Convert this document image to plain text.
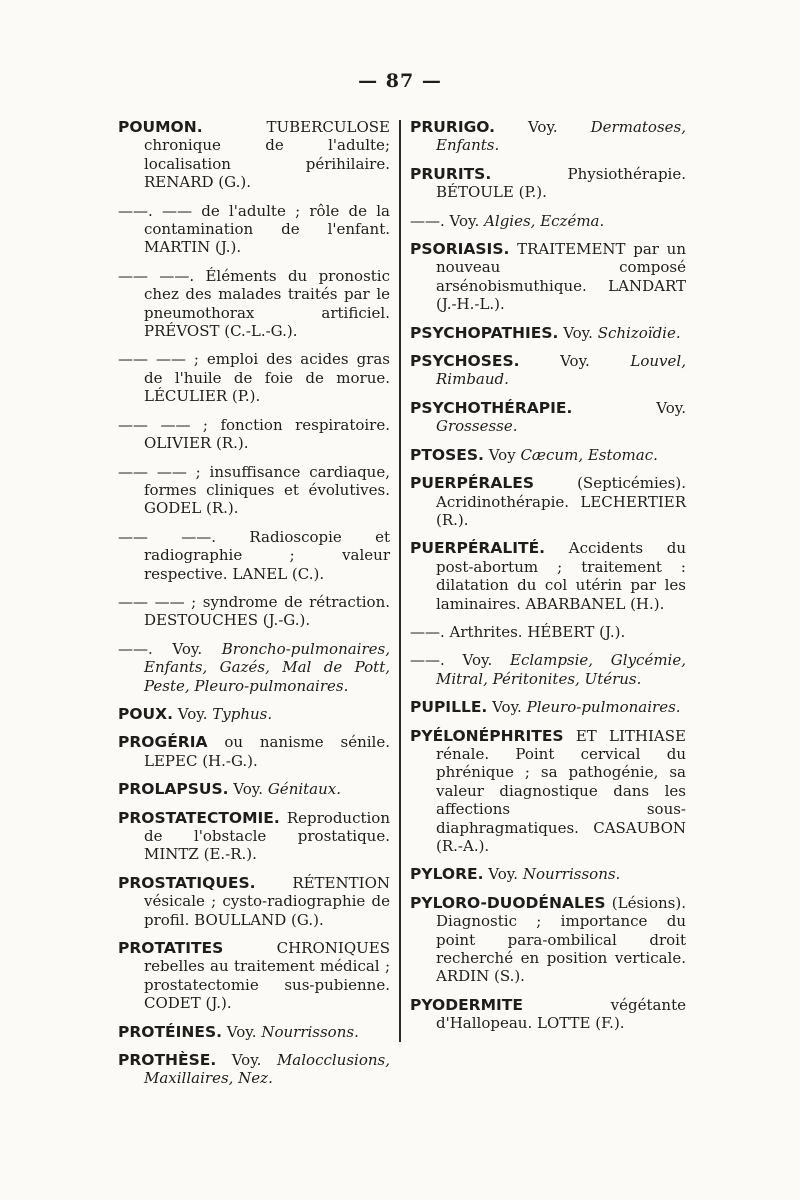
— 87 —
POUMON.	TUBERCULOSE chronique de l'adulte; localisation périhilaire. RENARD (G.).
——. —— de l'adulte ; rôle de la contamination de l'enfant. MARTIN (J.).
—— ——. Éléments du pronostic chez des malades traités par le pneumothorax artificiel. PRÉVOST (C.-L.-G.).
—— —— ; emploi des acides gras de l'huile de foie de morue. LÉCULIER (P.).
—— —— ; fonction respiratoire. OLIVIER (R.).
—— —— ; insuffisance cardiaque, formes cliniques et évolutives. GODEL (R.).
—— ——. Radioscopie et radiographie ; valeur respective. LANEL (C.).
—— —— ; syndrome de rétraction. DESTOUCHES (J.-G.).
——. Voy. Broncho-pulmonaires, Enfants, Gazés, Mal de Pott, Peste, Pleuro-pulmonaires.
POUX. Voy. Typhus.
PROGÉRIA ou nanisme sénile. LEPEC (H.-G.).
PROLAPSUS. Voy. Génitaux.
PROSTATECTOMIE. Reproduction de l'obstacle prostatique. MINTZ (E.-R.).
PROSTATIQUES. RÉTENTION vésicale ; cysto-radiographie de profil. BOULLAND (G.).
PROTATITES	CHRONIQUES rebelles au traitement médical ; prostatectomie sus-pubienne. CODET (J.).
PROTÉINES. Voy. Nourrissons.
PROTHÈSE. Voy. Malocclusions, Maxillaires, Nez.
PRURIGO. Voy. Dermatoses, Enfants.
PRURITS.	Physiothérapie. BÉTOULE (P.).
——. Voy. Algies, Eczéma.
PSORIASIS. TRAITEMENT par un nouveau composé arsénobismuthique. LANDART (J.-H.-L.).
PSYCHOPATHIES. Voy. Schizoïdie.
PSYCHOSES.	Voy.	Louvel, Rimbaud.
PSYCHOTHÉRAPIE.	Voy. Grossesse.
PTOSES. Voy Cæcum, Estomac.
PUERPÉRALES	(Septicémies). Acridinothérapie. LECHERTIER (R.).
PUERPÉRALITÉ. Accidents du post-abortum ; traitement : dilatation du col utérin par les laminaires. ABARBANEL (H.).
——. Arthrites. HÉBERT (J.).
——. Voy. Eclampsie, Glycémie, Mitral, Péritonites, Utérus.
PUPILLE. Voy. Pleuro-pulmonaires.
PYÉLONÉPHRITES ET LITHIASE rénale. Point cervical du phrénique ; sa pathogénie, sa valeur diagnostique dans les affections sous-diaphragmatiques. CASAUBON (R.-A.).
PYLORE. Voy. Nourrissons.
PYLORO-DUODÉNALES (Lésions). Diagnostic ; importance du point para-ombilical droit recherché en position verticale. ARDIN (S.).
PYODERMITE	végétante d'Hallopeau. LOTTE (F.).
